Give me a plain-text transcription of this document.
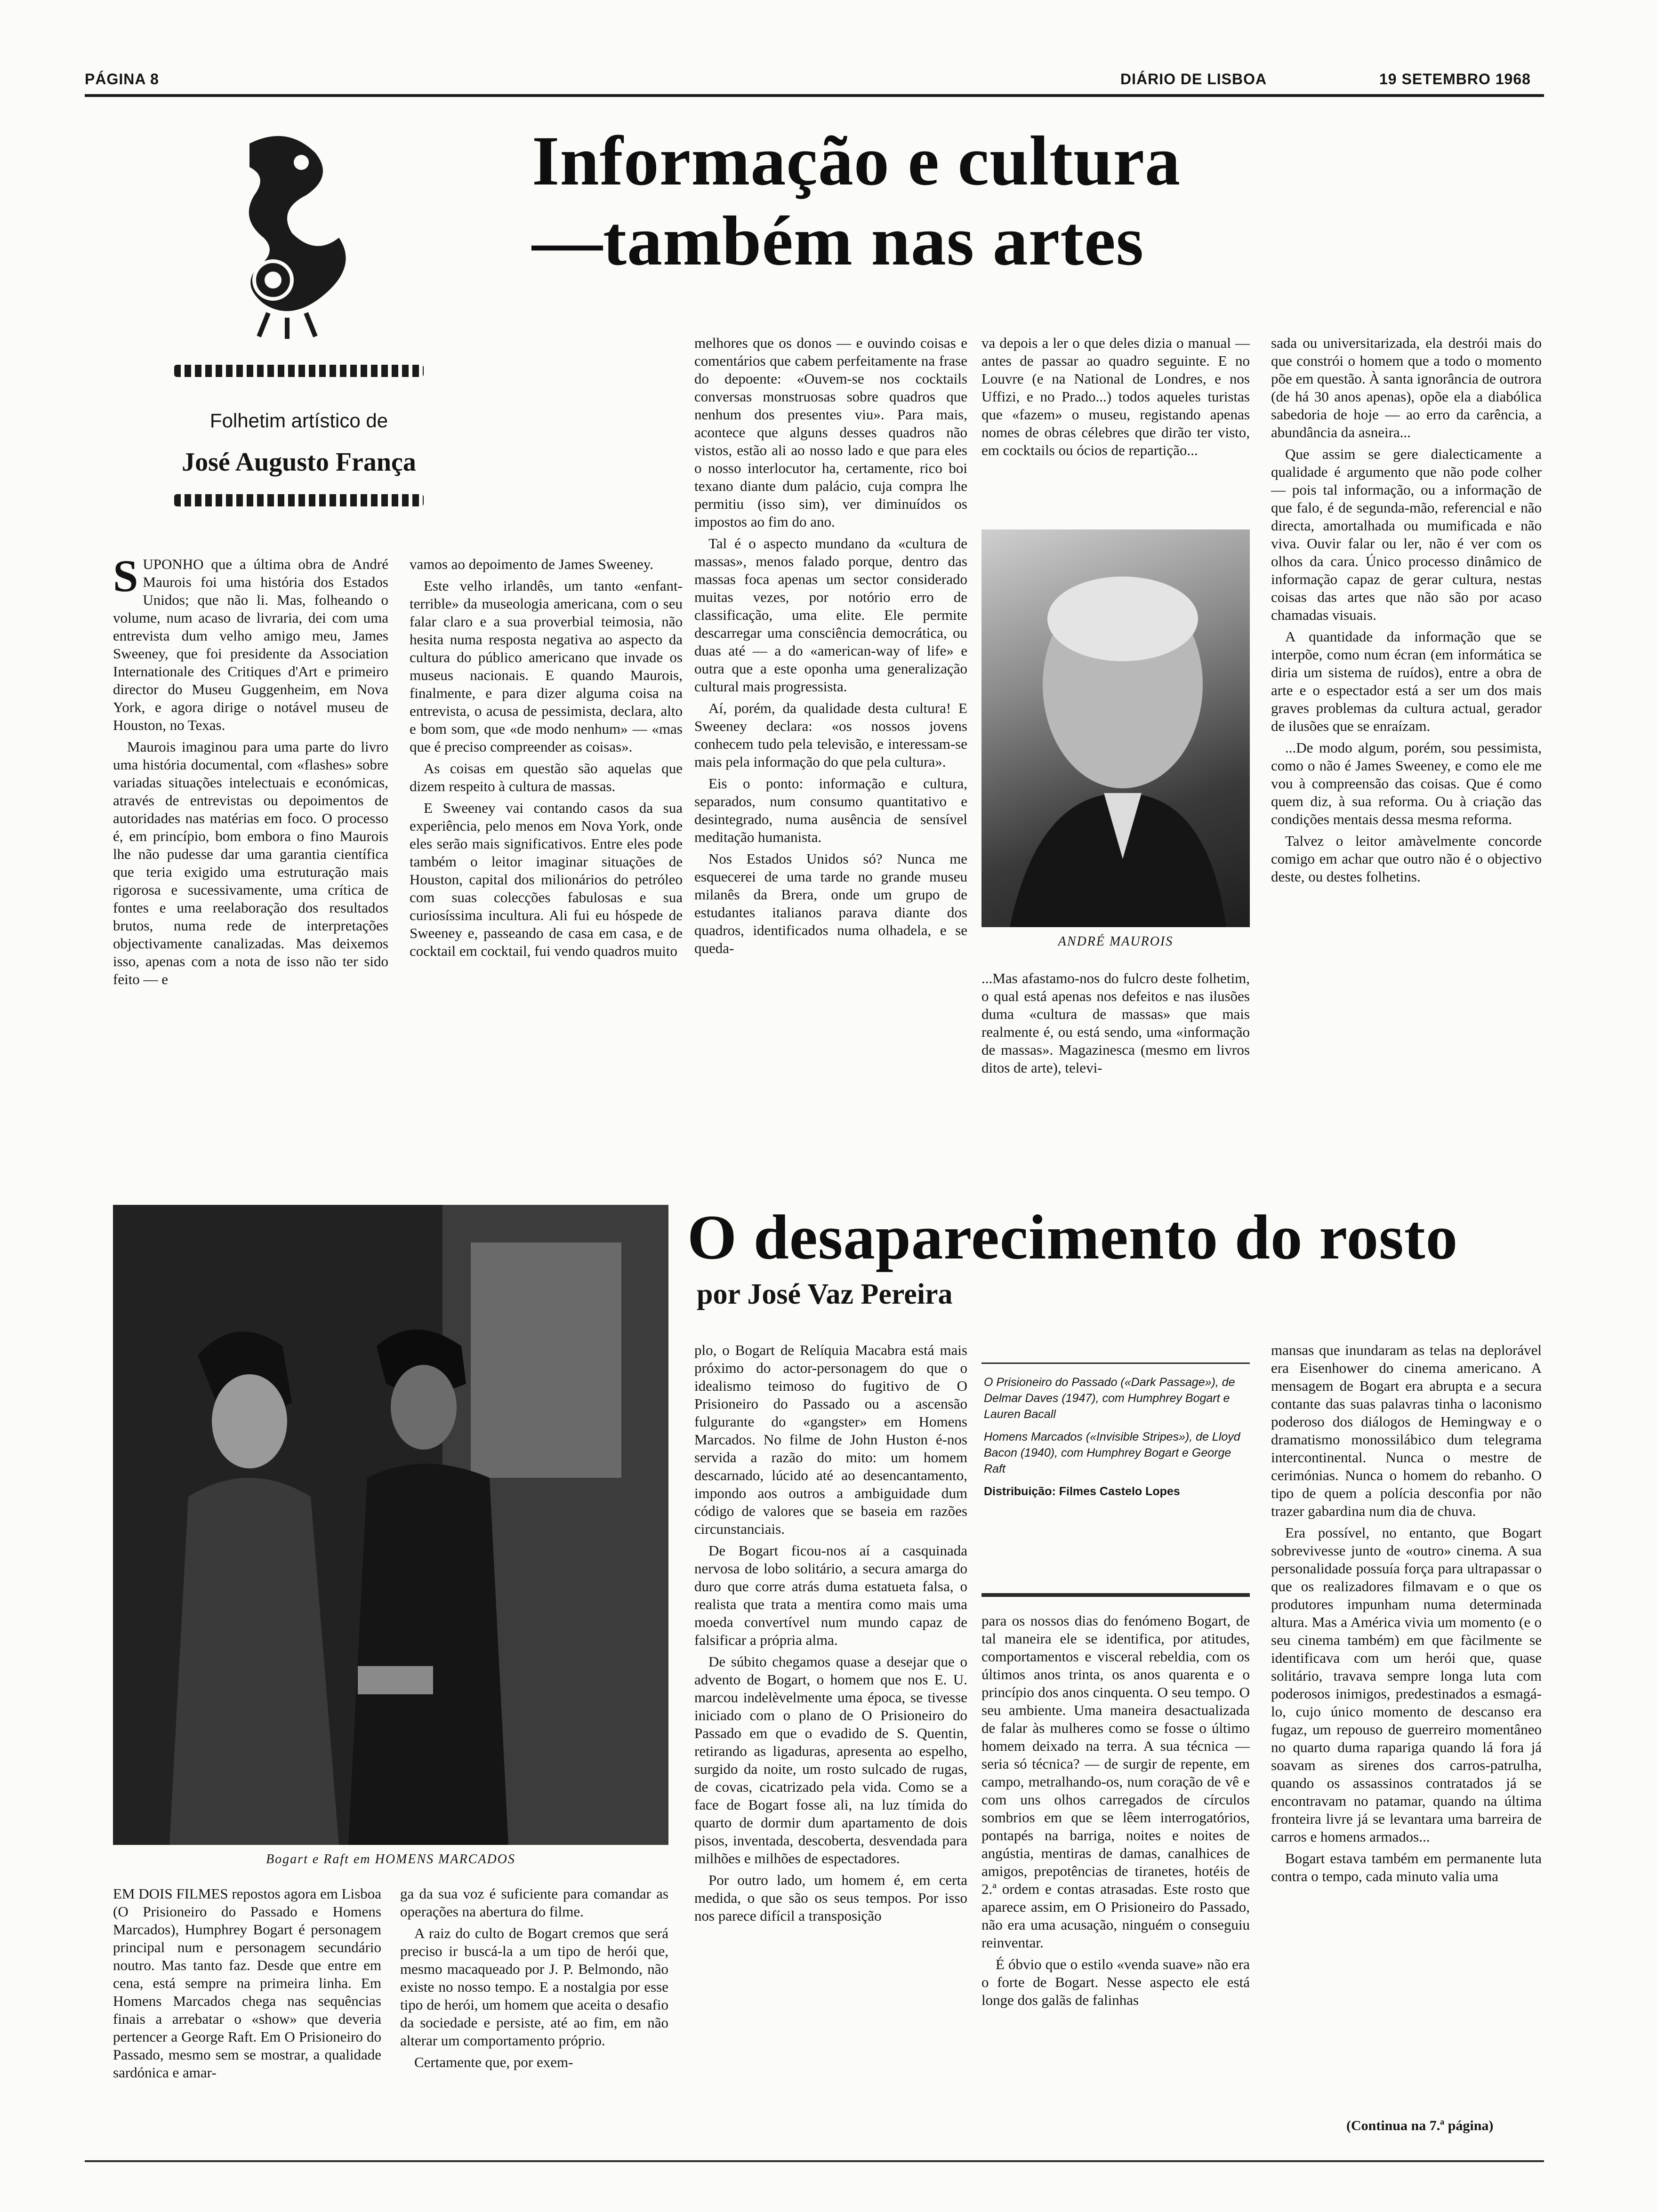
PÁGINA 8	DIÁRIO DE LISBOA	19 SETEMBRO 1968
Informação e cultura
—também nas artes
Folhetim artístico de
José Augusto França

SUPONHO que a última obra de André Maurois foi uma história dos Estados Unidos; que não li. Mas, folheando o volume, num acaso de livraria, dei com uma entrevista dum velho amigo meu, James Sweeney, que foi presidente da Association Internationale des Critiques d'Art e primeiro director do Museu Guggenheim, em Nova York, e agora dirige o notável museu de Houston, no Texas.

Maurois imaginou para uma parte do livro uma história documental, com «flashes» sobre variadas situações intelectuais e económicas, através de entrevistas ou depoimentos de autoridades nas matérias em foco. O processo é, em princípio, bom embora o fino Maurois lhe não pudesse dar uma garantia científica que teria exigido uma estruturação mais rigorosa e sucessivamente, uma crítica de fontes e uma reelaboração dos resultados brutos, numa rede de interpretações objectivamente canalizadas. Mas deixemos isso, apenas com a nota de isso não ter sido feito — e

vamos ao depoimento de James Sweeney.

Este velho irlandês, um tanto «enfant-terrible» da museologia americana, com o seu falar claro e a sua proverbial teimosia, não hesita numa resposta negativa ao aspecto da cultura do público americano que invade os museus nacionais. E quando Maurois, finalmente, e para dizer alguma coisa na entrevista, o acusa de pessimista, declara, alto e bom som, que «de modo nenhum» — «mas que é preciso compreender as coisas».

As coisas em questão são aquelas que dizem respeito à cultura de massas.

E Sweeney vai contando casos da sua experiência, pelo menos em Nova York, onde eles serão mais significativos. Entre eles pode também o leitor imaginar situações de Houston, capital dos milionários do petróleo com suas colecções fabulosas e sua curiosíssima incultura. Ali fui eu hóspede de Sweeney e, passeando de casa em casa, e de cocktail em cocktail, fui vendo quadros muito

melhores que os donos — e ouvindo coisas e comentários que cabem perfeitamente na frase do depoente: «Ouvem-se nos cocktails conversas monstruosas sobre quadros que nenhum dos presentes viu». Para mais, acontece que alguns desses quadros não vistos, estão ali ao nosso lado e que para eles o nosso interlocutor ha, certamente, rico boi texano diante dum palácio, cuja compra lhe permitiu (isso sim), ver diminuídos os impostos ao fim do ano.

Tal é o aspecto mundano da «cultura de massas», menos falado porque, dentro das massas foca apenas um sector considerado muitas vezes, por notório erro de classificação, uma elite. Ele permite descarregar uma consciência democrática, ou duas até — a do «american-way of life» e outra que a este oponha uma generalização cultural mais progressista.

Aí, porém, da qualidade desta cultura! E Sweeney declara: «os nossos jovens conhecem tudo pela televisão, e interessam-se mais pela informação do que pela cultura».

Eis o ponto: informação e cultura, separados, num consumo quantitativo e desintegrado, numa ausência de sensível meditação humanista.

Nos Estados Unidos só? Nunca me esquecerei de uma tarde no grande museu milanês da Brera, onde um grupo de estudantes italianos parava diante dos quadros, identificados numa olhadela, e se queda-

va depois a ler o que deles dizia o manual — antes de passar ao quadro seguinte. E no Louvre (e na National de Londres, e nos Uffizi, e no Prado...) todos aqueles turistas que «fazem» o museu, registando apenas nomes de obras célebres que dirão ter visto, em cocktails ou ócios de repartição...

ANDRÉ MAUROIS

...Mas afastamo-nos do fulcro deste folhetim, o qual está apenas nos defeitos e nas ilusões duma «cultura de massas» que mais realmente é, ou está sendo, uma «informação de massas». Magazinesca (mesmo em livros ditos de arte), televi-

sada ou universitarizada, ela destrói mais do que constrói o homem que a todo o momento põe em questão. À santa ignorância de outrora (de há 30 anos apenas), opõe ela a diabólica sabedoria de hoje — ao erro da carência, a abundância da asneira...

Que assim se gere dialecticamente a qualidade é argumento que não pode colher — pois tal informação, ou a informação de que falo, é de segunda-mão, referencial e não directa, amortalhada ou mumificada e não viva. Ouvir falar ou ler, não é ver com os olhos da cara. Único processo dinâmico de informação capaz de gerar cultura, nestas coisas das artes que não são por acaso chamadas visuais.

A quantidade da informação que se interpõe, como num écran (em informática se diria um sistema de ruídos), entre a obra de arte e o espectador está a ser um dos mais graves problemas da cultura actual, gerador de ilusões que se enraízam.

...De modo algum, porém, sou pessimista, como o não é James Sweeney, e como ele me vou à compreensão das coisas. Que é como quem diz, à sua reforma. Ou à criação das condições mentais dessa mesma reforma.

Talvez o leitor amàvelmente concorde comigo em achar que outro não é o objectivo deste, ou destes folhetins.

Bogart e Raft em HOMENS MARCADOS
O desaparecimento do rosto
por José Vaz Pereira

EM DOIS FILMES repostos agora em Lisboa (O Prisioneiro do Passado e Homens Marcados), Humphrey Bogart é personagem principal num e personagem secundário noutro. Mas tanto faz. Desde que entre em cena, está sempre na primeira linha. Em Homens Marcados chega nas sequências finais a arrebatar o «show» que deveria pertencer a George Raft. Em O Prisioneiro do Passado, mesmo sem se mostrar, a qualidade sardónica e amar-

ga da sua voz é suficiente para comandar as operações na abertura do filme.

A raiz do culto de Bogart cremos que será preciso ir buscá-la a um tipo de herói que, mesmo macaqueado por J. P. Belmondo, não existe no nosso tempo. E a nostalgia por esse tipo de herói, um homem que aceita o desafio da sociedade e persiste, até ao fim, em não alterar um comportamento próprio.

Certamente que, por exem-

plo, o Bogart de Relíquia Macabra está mais próximo do actor-personagem do que o idealismo teimoso do fugitivo de O Prisioneiro do Passado ou a ascensão fulgurante do «gangster» em Homens Marcados. No filme de John Huston é-nos servida a razão do mito: um homem descarnado, lúcido até ao desencantamento, impondo aos outros a ambiguidade dum código de valores que se baseia em razões circunstanciais.

De Bogart ficou-nos aí a casquinada nervosa de lobo solitário, a secura amarga do duro que corre atrás duma estatueta falsa, o realista que trata a mentira como mais uma moeda convertível num mundo capaz de falsificar a própria alma.

De súbito chegamos quase a desejar que o advento de Bogart, o homem que nos E. U. marcou indelèvelmente uma época, se tivesse iniciado com o plano de O Prisioneiro do Passado em que o evadido de S. Quentin, retirando as ligaduras, apresenta ao espelho, surgido da noite, um rosto sulcado de rugas, de covas, cicatrizado pela vida. Como se a face de Bogart fosse ali, na luz tímida do quarto de dormir dum apartamento de dois pisos, inventada, descoberta, desvendada para milhões e milhões de espectadores.

Por outro lado, um homem é, em certa medida, o que são os seus tempos. Por isso nos parece difícil a transposição

O Prisioneiro do Passado («Dark Passage»), de Delmar Daves (1947), com Humphrey Bogart e Lauren Bacall

Homens Marcados («Invisible Stripes»), de Lloyd Bacon (1940), com Humphrey Bogart e George Raft

Distribuição: Filmes Castelo Lopes

para os nossos dias do fenómeno Bogart, de tal maneira ele se identifica, por atitudes, comportamentos e visceral rebeldia, com os últimos anos trinta, os anos quarenta e o princípio dos anos cinquenta. O seu tempo. O seu ambiente. Uma maneira desactualizada de falar às mulheres como se fosse o último homem deixado na terra. A sua técnica —seria só técnica? — de surgir de repente, em campo, metralhando-os, num coração de vê e com uns olhos carregados de círculos sombrios em que se lêem interrogatórios, pontapés na barriga, noites e noites de angústia, mentiras de damas, canalhices de amigos, prepotências de tiranetes, hotéis de 2.ª ordem e contas atrasadas. Este rosto que aparece assim, em O Prisioneiro do Passado, não era uma acusação, ninguém o conseguiu reinventar.

É óbvio que o estilo «venda suave» não era o forte de Bogart. Nesse aspecto ele está longe dos galãs de falinhas

mansas que inundaram as telas na deplorável era Eisenhower do cinema americano. A mensagem de Bogart era abrupta e a secura contante das suas palavras tinha o laconismo poderoso dos diálogos de Hemingway e o dramatismo monossilábico dum telegrama intercontinental. Nunca o mestre de cerimónias. Nunca o homem do rebanho. O tipo de quem a polícia desconfia por não trazer gabardina num dia de chuva.

Era possível, no entanto, que Bogart sobrevivesse junto de «outro» cinema. A sua personalidade possuía força para ultrapassar o que os realizadores filmavam e o que os produtores impunham numa determinada altura. Mas a América vivia um momento (e o seu cinema também) em que fàcilmente se identificava com um herói que, quase solitário, travava sempre longa luta com poderosos inimigos, predestinados a esmagá-lo, cujo único momento de descanso era fugaz, um repouso de guerreiro momentâneo no quarto duma rapariga quando lá fora já soavam as sirenes dos carros-patrulha, quando os assassinos contratados já se encontravam no patamar, quando na última fronteira livre já se levantara uma barreira de carros e homens armados...

Bogart estava também em permanente luta contra o tempo, cada minuto valia uma

(Continua na 7.ª página)
